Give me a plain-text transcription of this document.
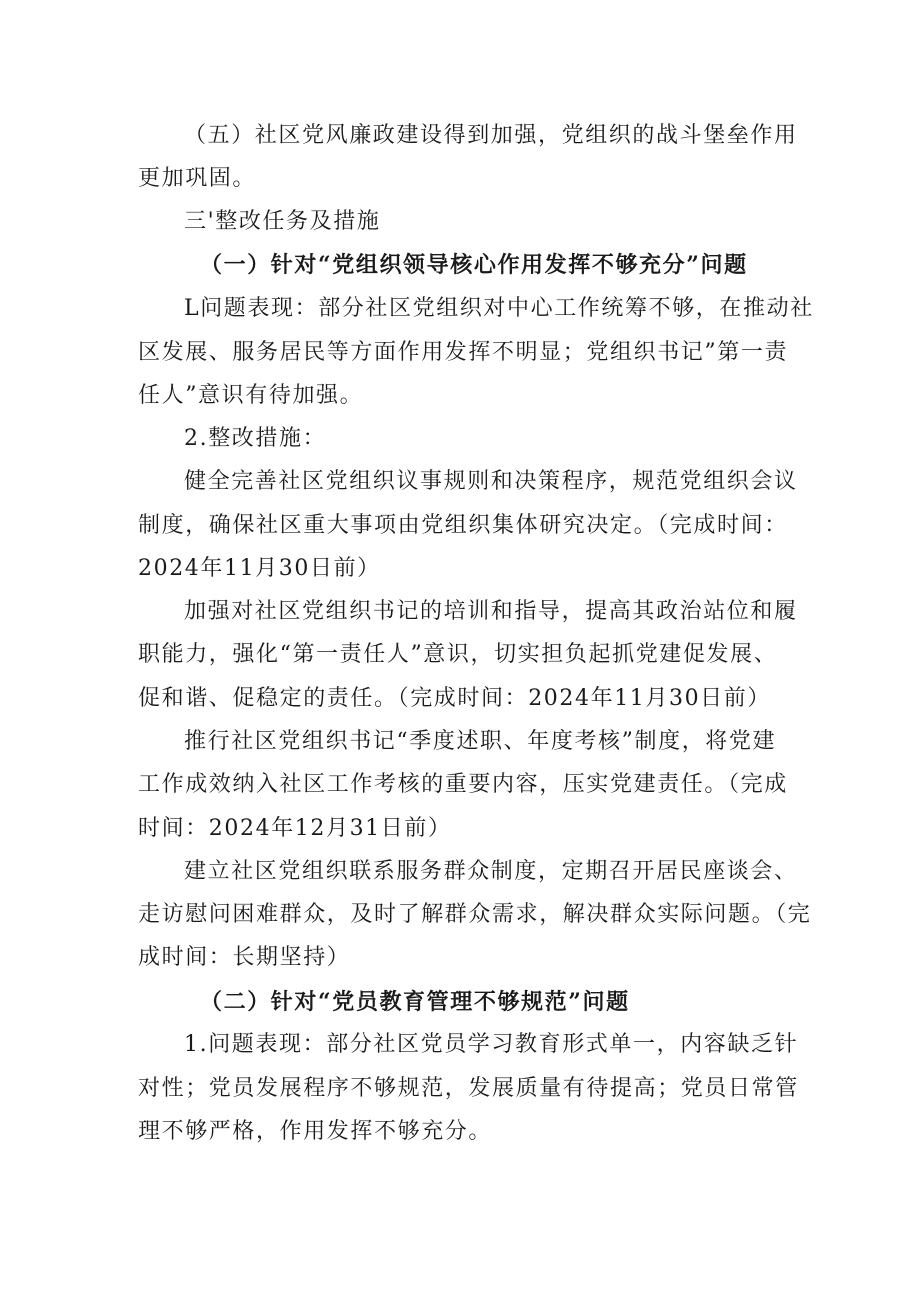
（五）社区党风廉政建设得到加强，党组织的战斗堡垒作用
更加巩固。
三'整改任务及措施
（一）针对“党组织领导核心作用发挥不够充分”问题
L问题表现：部分社区党组织对中心工作统筹不够，在推动社
区发展、服务居民等方面作用发挥不明显；党组织书记”第一责
任人”意识有待加强。
2.整改措施：
健全完善社区党组织议事规则和决策程序，规范党组织会议
制度，确保社区重大事项由党组织集体研究决定。（完成时间：
2024年11月30日前）
加强对社区党组织书记的培训和指导，提高其政治站位和履
职能力，强化“第一责任人”意识，切实担负起抓党建促发展、
促和谐、促稳定的责任。（完成时间：2024年11月30日前）
推行社区党组织书记“季度述职、年度考核”制度，将党建
工作成效纳入社区工作考核的重要内容，压实党建责任。（完成
时间：2024年12月31日前）
建立社区党组织联系服务群众制度，定期召开居民座谈会、
走访慰问困难群众，及时了解群众需求，解决群众实际问题。（完
成时间：长期坚持）
（二）针对“党员教育管理不够规范”问题
1.问题表现：部分社区党员学习教育形式单一，内容缺乏针
对性；党员发展程序不够规范，发展质量有待提高；党员日常管
理不够严格，作用发挥不够充分。
